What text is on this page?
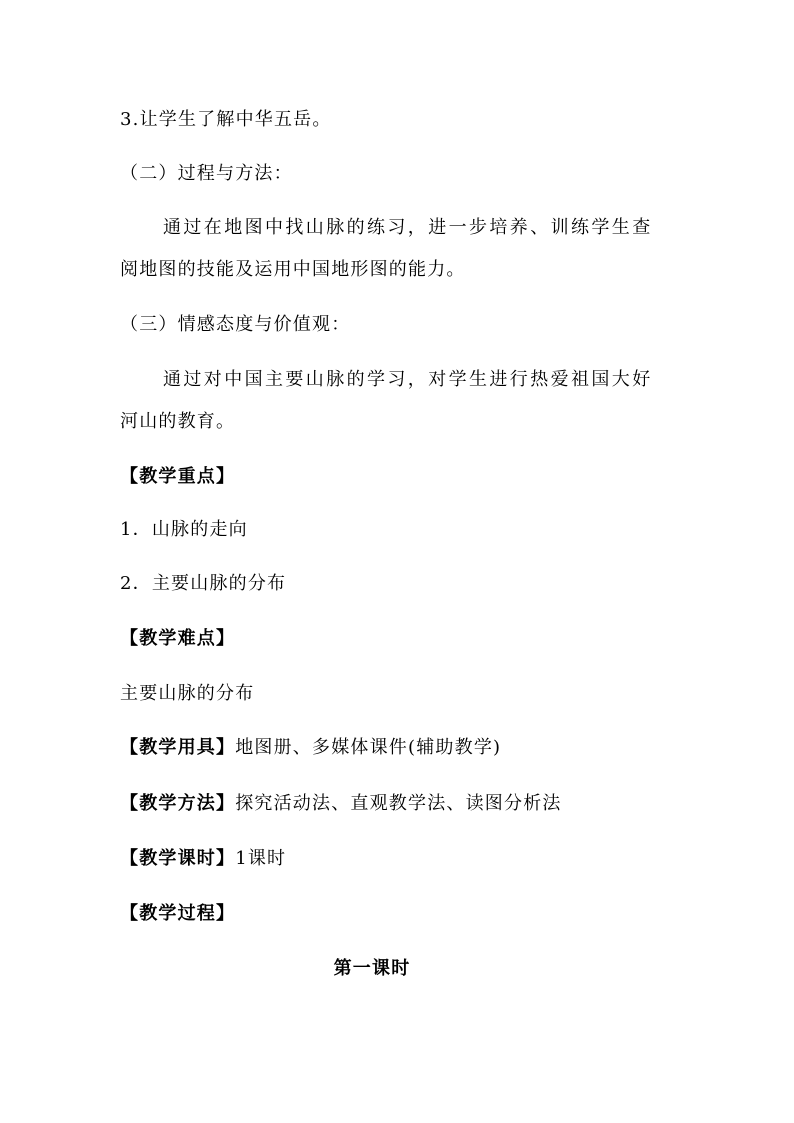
3.让学生了解中华五岳。
（二）过程与方法：
通过在地图中找山脉的练习，进一步培养、训练学生查
阅地图的技能及运用中国地形图的能力。
（三）情感态度与价值观：
通过对中国主要山脉的学习，对学生进行热爱祖国大好
河山的教育。
【教学重点】
1．山脉的走向
2．主要山脉的分布
【教学难点】
主要山脉的分布
【教学用具】地图册、多媒体课件(辅助教学)
【教学方法】探究活动法、直观教学法、读图分析法
【教学课时】1课时
【教学过程】
第一课时
